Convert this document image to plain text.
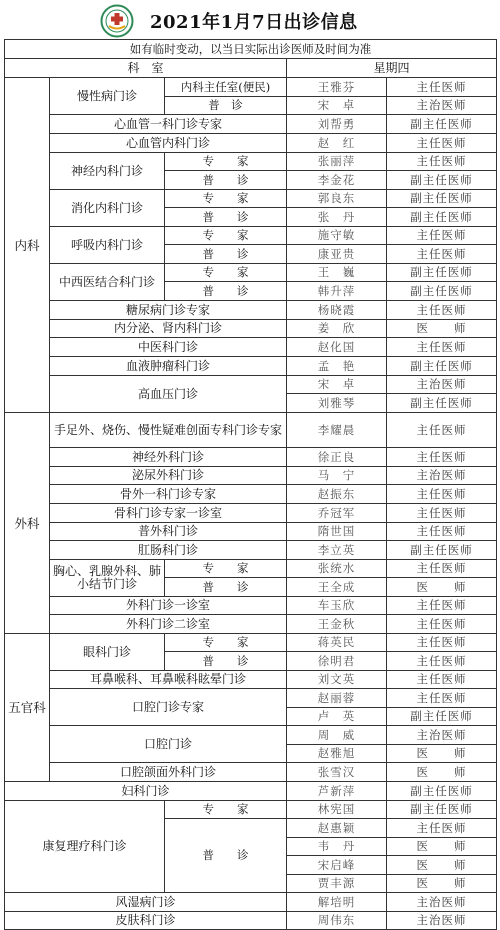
2021年1月7日出诊信息
如有临时变动，以当日实际出诊医师及时间为准				
科　室			星期四	
内科	慢性病门诊	内科主任室(便民)	王雅芬	主任医师
		普　诊	宋　卓	主治医师
	心血管一科门诊专家		刘帮勇	副主任医师
	心血管内科门诊		赵　红	主任医师
	神经内科门诊	专　　家	张丽萍	主任医师
		普　　诊	李金花	副主任医师
	消化内科门诊	专　　家	郭良东	副主任医师
		普　　诊	张　丹	副主任医师
	呼吸内科门诊	专　　家	施守敏	主任医师
		普　　诊	康亚贵	主任医师
	中西医结合科门诊	专　　家	王　巍	副主任医师
		普　　诊	韩升萍	副主任医师
	糖尿病门诊专家		杨晓霞	主任医师
	内分泌、肾内科门诊		姜　欣	医　　师
	中医科门诊		赵化国	主任医师
	血液肿瘤科门诊		孟　艳	副主任医师
	高血压门诊		宋　卓	主治医师
			刘雅琴	副主任医师
外科	手足外、烧伤、慢性疑难创面专科门诊专家		李耀晨	主任医师
	神经外科门诊		徐正良	主任医师
	泌尿外科门诊		马　宁	主治医师
	骨外一科门诊专家		赵振东	主任医师
	骨科门诊专家一诊室		乔冠军	主任医师
	普外科门诊		隋世国	主任医师
	肛肠科门诊		李立英	副主任医师
	胸心、乳腺外科、肺小结节门诊	专　　家	张统水	主任医师
		普　　诊	王全成	医　　师
	外科门诊一诊室		车玉欣	主任医师
	外科门诊二诊室		王金秋	主任医师
五官科	眼科门诊	专　　家	蒋英民	主任医师
		普　　诊	徐明君	主任医师
	耳鼻喉科、耳鼻喉科眩晕门诊		刘文英	主任医师
	口腔门诊专家		赵丽蓉	主任医师
			卢　英	副主任医师
	口腔门诊		周　威	主治医师
			赵雅旭	医　　师
	口腔颌面外科门诊		张雪汉	医　　师
妇科门诊			芦新萍	副主任医师
康复理疗科门诊		专　　家	林宪国	副主任医师
		普　　诊	赵惠颖	主任医师
			韦　丹	医　　师
			宋启峰	医　　师
			贾丰源	医　　师
风湿病门诊			解培明	主治医师
皮肤科门诊			周伟东	主治医师
